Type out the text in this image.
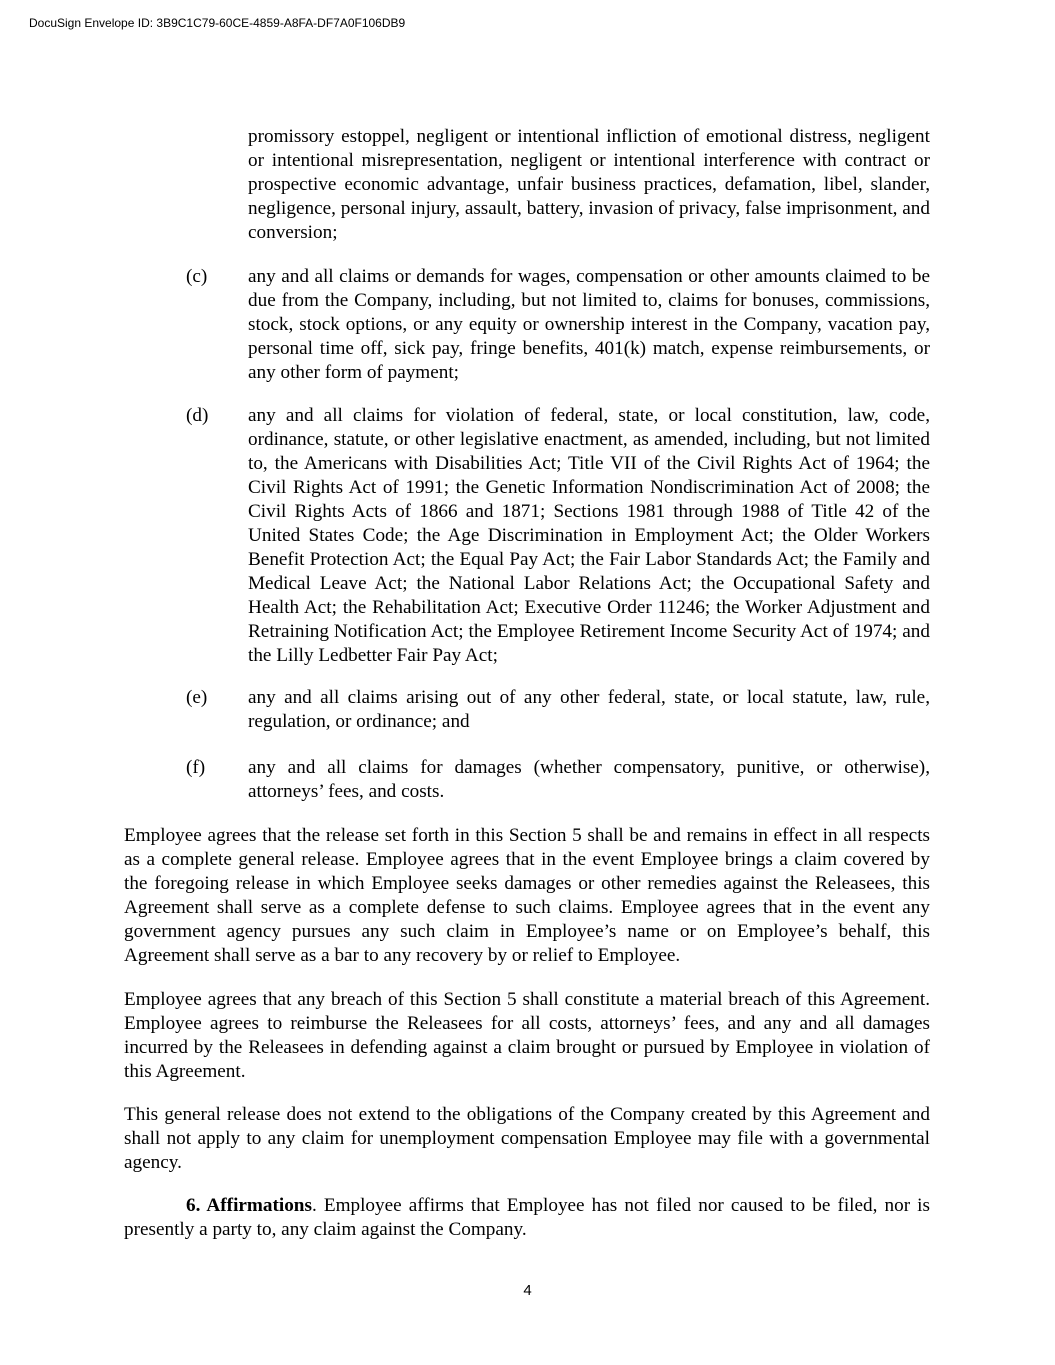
DocuSign Envelope ID: 3B9C1C79-60CE-4859-A8FA-DF7A0F106DB9
promissory estoppel, negligent or intentional infliction of emotional distress, negligent or intentional misrepresentation, negligent or intentional interference with contract or prospective economic advantage, unfair business practices, defamation, libel, slander, negligence, personal injury, assault, battery, invasion of privacy, false imprisonment, and conversion;
(c) any and all claims or demands for wages, compensation or other amounts claimed to be due from the Company, including, but not limited to, claims for bonuses, commissions, stock, stock options, or any equity or ownership interest in the Company, vacation pay, personal time off, sick pay, fringe benefits, 401(k) match, expense reimbursements, or any other form of payment;
(d) any and all claims for violation of federal, state, or local constitution, law, code, ordinance, statute, or other legislative enactment, as amended, including, but not limited to, the Americans with Disabilities Act; Title VII of the Civil Rights Act of 1964; the Civil Rights Act of 1991; the Genetic Information Nondiscrimination Act of 2008; the Civil Rights Acts of 1866 and 1871; Sections 1981 through 1988 of Title 42 of the United States Code; the Age Discrimination in Employment Act; the Older Workers Benefit Protection Act; the Equal Pay Act; the Fair Labor Standards Act; the Family and Medical Leave Act; the National Labor Relations Act; the Occupational Safety and Health Act; the Rehabilitation Act; Executive Order 11246; the Worker Adjustment and Retraining Notification Act; the Employee Retirement Income Security Act of 1974; and the Lilly Ledbetter Fair Pay Act;
(e) any and all claims arising out of any other federal, state, or local statute, law, rule, regulation, or ordinance; and
(f) any and all claims for damages (whether compensatory, punitive, or otherwise), attorneys’ fees, and costs.
Employee agrees that the release set forth in this Section 5 shall be and remains in effect in all respects as a complete general release. Employee agrees that in the event Employee brings a claim covered by the foregoing release in which Employee seeks damages or other remedies against the Releasees, this Agreement shall serve as a complete defense to such claims. Employee agrees that in the event any government agency pursues any such claim in Employee’s name or on Employee’s behalf, this Agreement shall serve as a bar to any recovery by or relief to Employee.
Employee agrees that any breach of this Section 5 shall constitute a material breach of this Agreement. Employee agrees to reimburse the Releasees for all costs, attorneys’ fees, and any and all damages incurred by the Releasees in defending against a claim brought or pursued by Employee in violation of this Agreement.
This general release does not extend to the obligations of the Company created by this Agreement and shall not apply to any claim for unemployment compensation Employee may file with a governmental agency.
6. Affirmations. Employee affirms that Employee has not filed nor caused to be filed, nor is presently a party to, any claim against the Company.
4
